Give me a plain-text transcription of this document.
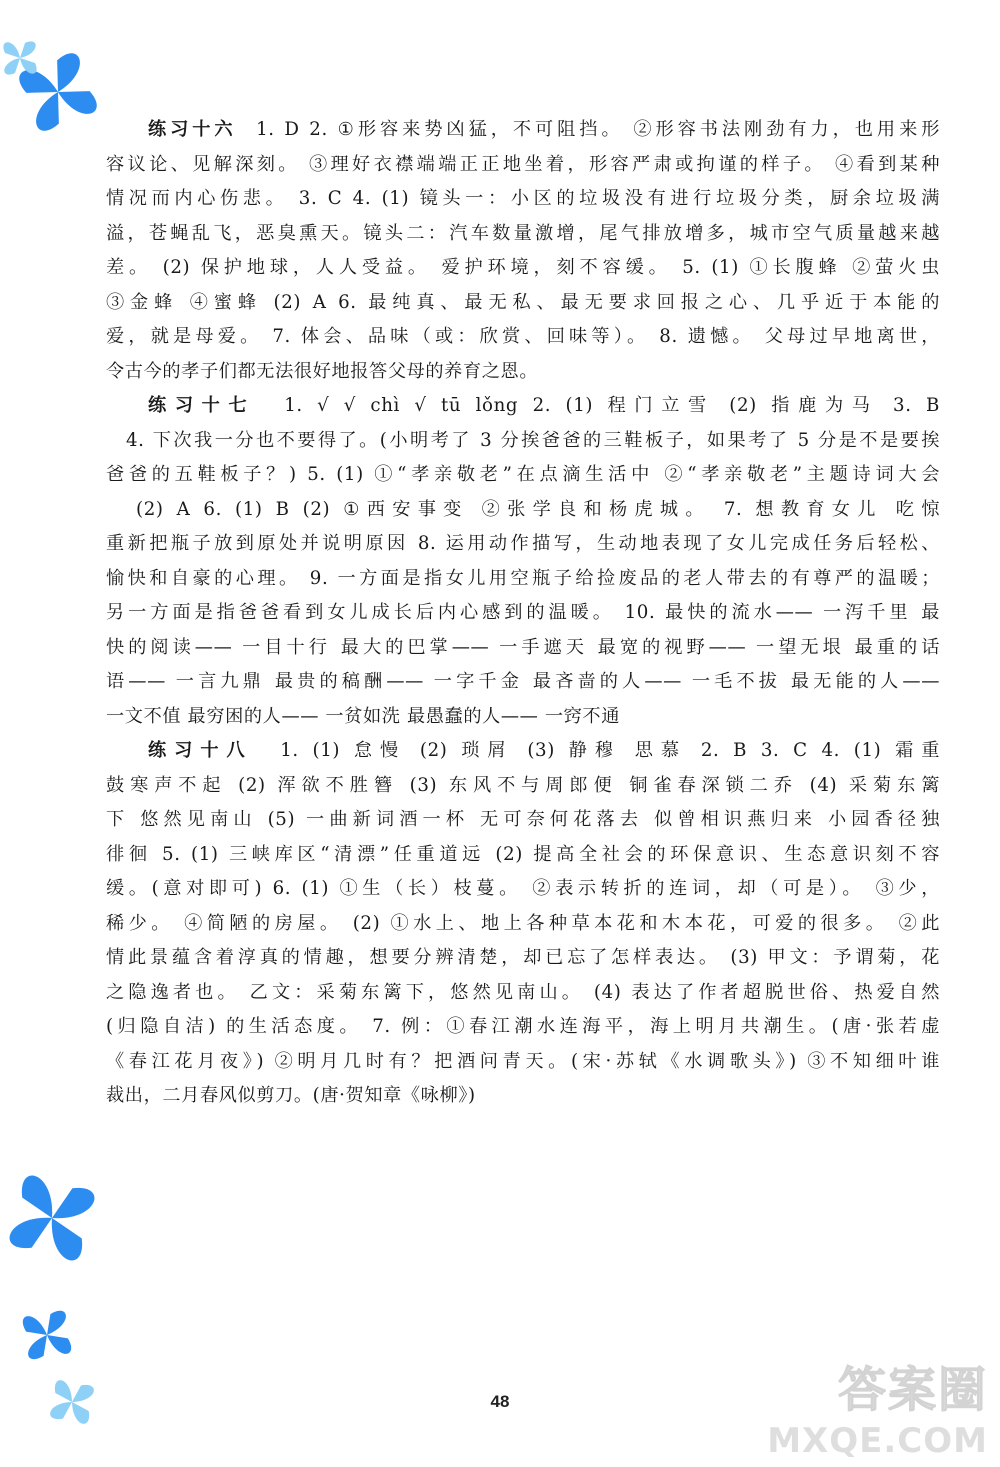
练习十六 1. D 2. ①形容来势凶猛，不可阻挡。 ②形容书法刚劲有力，也用来形
容议论、见解深刻。 ③理好衣襟端端正正地坐着，形容严肃或拘谨的样子。 ④看到某种
情况而内心伤悲。 3. C 4. (1) 镜头一：小区的垃圾没有进行垃圾分类，厨余垃圾满
溢，苍蝇乱飞，恶臭熏天。镜头二：汽车数量激增，尾气排放增多，城市空气质量越来越
差。 (2) 保护地球，人人受益。 爱护环境，刻不容缓。 5. (1) ①长腹蜂 ②萤火虫
③金蜂 ④蜜蜂 (2) A 6. 最纯真、最无私、最无要求回报之心、几乎近于本能的
爱，就是母爱。 7. 体会、品味（或：欣赏、回味等）。 8. 遗憾。 父母过早地离世，
令古今的孝子们都无法很好地报答父母的养育之恩。
练习十七 1. √ √ chì √ tū lǒng 2. (1) 程门立雪 (2) 指鹿为马 3. B
4. 下次我一分也不要得了。(小明考了 3 分挨爸爸的三鞋板子，如果考了 5 分是不是要挨
爸爸的五鞋板子？) 5. (1) ①“孝亲敬老”在点滴生活中 ②“孝亲敬老”主题诗词大会
(2) A 6. (1) B (2) ①西安事变 ②张学良和杨虎城。 7. 想教育女儿 吃惊
重新把瓶子放到原处并说明原因 8. 运用动作描写，生动地表现了女儿完成任务后轻松、
愉快和自豪的心理。 9. 一方面是指女儿用空瓶子给捡废品的老人带去的有尊严的温暖；
另一方面是指爸爸看到女儿成长后内心感到的温暖。 10. 最快的流水—— 一泻千里 最
快的阅读—— 一目十行 最大的巴掌—— 一手遮天 最宽的视野—— 一望无垠 最重的话
语—— 一言九鼎 最贵的稿酬—— 一字千金 最吝啬的人—— 一毛不拔 最无能的人——
一文不值 最穷困的人—— 一贫如洗 最愚蠢的人—— 一窍不通
练习十八 1. (1) 怠慢 (2) 琐屑 (3) 静穆 思慕 2. B 3. C 4. (1) 霜重
鼓寒声不起 (2) 浑欲不胜簪 (3) 东风不与周郎便 铜雀春深锁二乔 (4) 采菊东篱
下 悠然见南山 (5) 一曲新词酒一杯 无可奈何花落去 似曾相识燕归来 小园香径独
徘徊 5. (1) 三峡库区“清漂”任重道远 (2) 提高全社会的环保意识、生态意识刻不容
缓。(意对即可) 6. (1) ①生（长）枝蔓。 ②表示转折的连词，却（可是）。 ③少，
稀少。 ④简陋的房屋。 (2) ①水上、地上各种草本花和木本花，可爱的很多。 ②此
情此景蕴含着淳真的情趣，想要分辨清楚，却已忘了怎样表达。 (3) 甲文：予谓菊，花
之隐逸者也。 乙文：采菊东篱下，悠然见南山。 (4) 表达了作者超脱世俗、热爱自然
(归隐自洁) 的生活态度。 7. 例：①春江潮水连海平，海上明月共潮生。(唐·张若虚
《春江花月夜》) ②明月几时有？把酒问青天。(宋·苏轼《水调歌头》) ③不知细叶谁
裁出，二月春风似剪刀。(唐·贺知章《咏柳》)
48	答案圈
MXQE.COM
